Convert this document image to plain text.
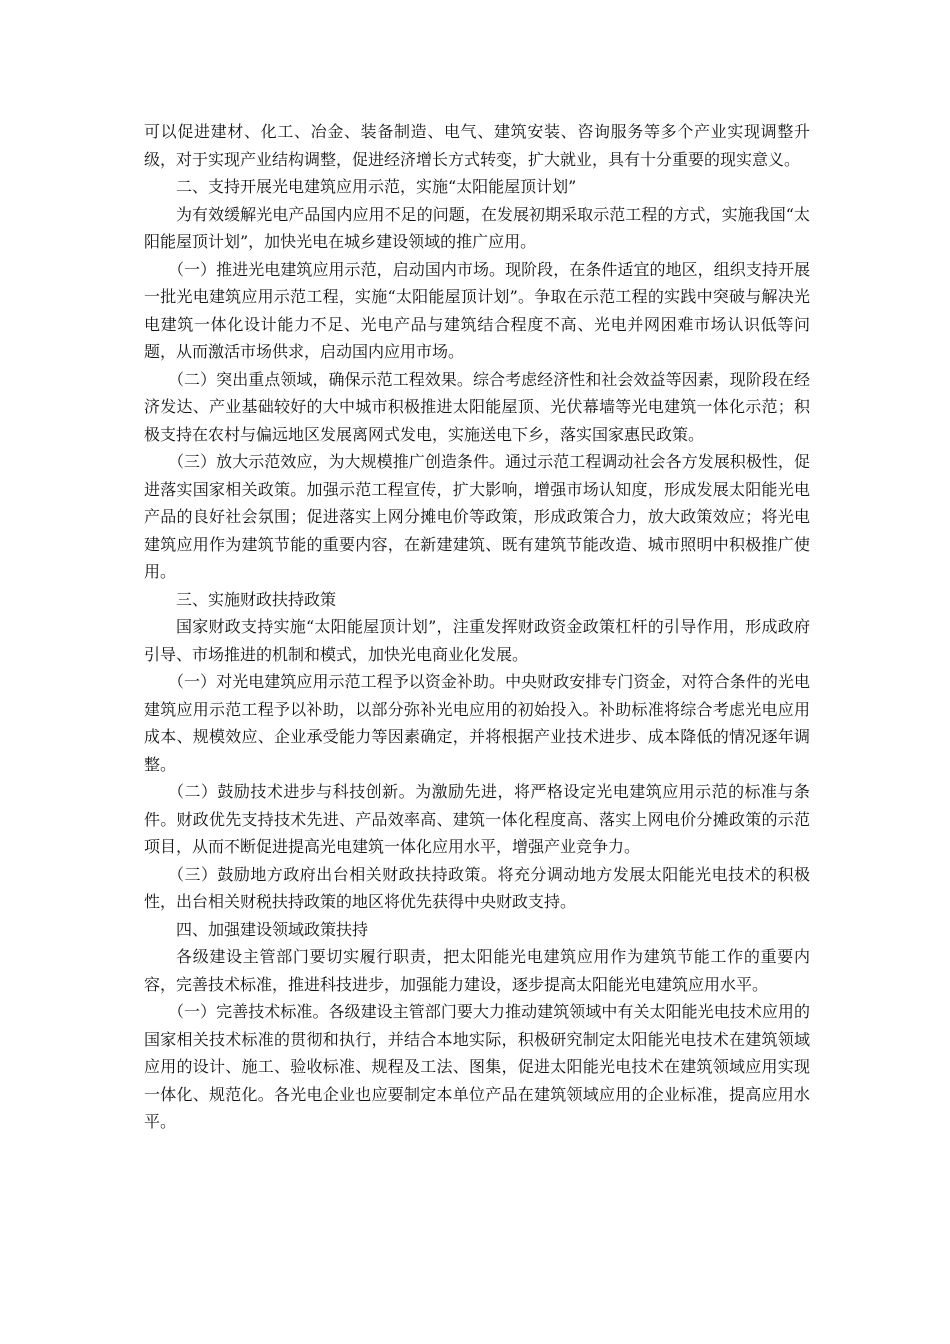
可以促进建材、化工、冶金、装备制造、电气、建筑安装、咨询服务等多个产业实现调整升级，对于实现产业结构调整，促进经济增长方式转变，扩大就业，具有十分重要的现实意义。

二、支持开展光电建筑应用示范，实施“太阳能屋顶计划”

为有效缓解光电产品国内应用不足的问题，在发展初期采取示范工程的方式，实施我国“太阳能屋顶计划”，加快光电在城乡建设领域的推广应用。

（一）推进光电建筑应用示范，启动国内市场。现阶段，在条件适宜的地区，组织支持开展一批光电建筑应用示范工程，实施“太阳能屋顶计划”。争取在示范工程的实践中突破与解决光电建筑一体化设计能力不足、光电产品与建筑结合程度不高、光电并网困难市场认识低等问题，从而激活市场供求，启动国内应用市场。

（二）突出重点领域，确保示范工程效果。综合考虑经济性和社会效益等因素，现阶段在经济发达、产业基础较好的大中城市积极推进太阳能屋顶、光伏幕墙等光电建筑一体化示范；积极支持在农村与偏远地区发展离网式发电，实施送电下乡，落实国家惠民政策。

（三）放大示范效应，为大规模推广创造条件。通过示范工程调动社会各方发展积极性，促进落实国家相关政策。加强示范工程宣传，扩大影响，增强市场认知度，形成发展太阳能光电产品的良好社会氛围；促进落实上网分摊电价等政策，形成政策合力，放大政策效应；将光电建筑应用作为建筑节能的重要内容，在新建建筑、既有建筑节能改造、城市照明中积极推广使用。

三、实施财政扶持政策

国家财政支持实施“太阳能屋顶计划”，注重发挥财政资金政策杠杆的引导作用，形成政府引导、市场推进的机制和模式，加快光电商业化发展。

（一）对光电建筑应用示范工程予以资金补助。中央财政安排专门资金，对符合条件的光电建筑应用示范工程予以补助，以部分弥补光电应用的初始投入。补助标准将综合考虑光电应用成本、规模效应、企业承受能力等因素确定，并将根据产业技术进步、成本降低的情况逐年调整。

（二）鼓励技术进步与科技创新。为激励先进，将严格设定光电建筑应用示范的标准与条件。财政优先支持技术先进、产品效率高、建筑一体化程度高、落实上网电价分摊政策的示范项目，从而不断促进提高光电建筑一体化应用水平，增强产业竞争力。

（三）鼓励地方政府出台相关财政扶持政策。将充分调动地方发展太阳能光电技术的积极性，出台相关财税扶持政策的地区将优先获得中央财政支持。

四、加强建设领域政策扶持

各级建设主管部门要切实履行职责，把太阳能光电建筑应用作为建筑节能工作的重要内容，完善技术标准，推进科技进步，加强能力建设，逐步提高太阳能光电建筑应用水平。

（一）完善技术标准。各级建设主管部门要大力推动建筑领域中有关太阳能光电技术应用的国家相关技术标准的贯彻和执行，并结合本地实际，积极研究制定太阳能光电技术在建筑领域应用的设计、施工、验收标准、规程及工法、图集，促进太阳能光电技术在建筑领域应用实现一体化、规范化。各光电企业也应要制定本单位产品在建筑领域应用的企业标准，提高应用水平。
